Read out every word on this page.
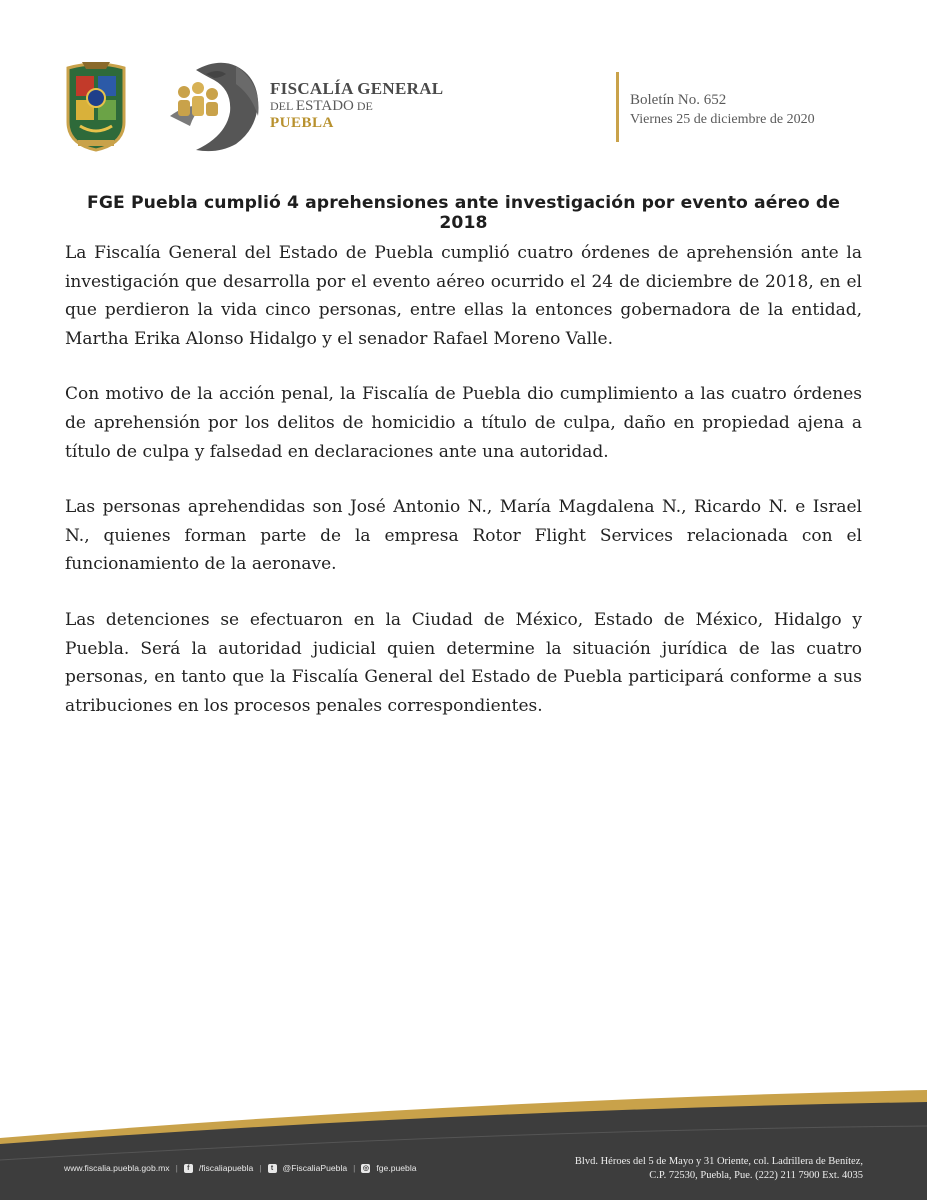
FISCALÍA GENERAL
DEL ESTADO DE
PUEBLA
Boletín No. 652
Viernes 25 de diciembre de 2020
FGE Puebla cumplió 4 aprehensiones ante investigación por evento aéreo de 2018

La Fiscalía General del Estado de Puebla cumplió cuatro órdenes de aprehensión ante la investigación que desarrolla por el evento aéreo ocurrido el 24 de diciembre de 2018, en el que perdieron la vida cinco personas, entre ellas la entonces gobernadora de la entidad, Martha Erika Alonso Hidalgo y el senador Rafael Moreno Valle.

Con motivo de la acción penal, la Fiscalía de Puebla dio cumplimiento a las cuatro órdenes de aprehensión por los delitos de homicidio a título de culpa, daño en propiedad ajena a título de culpa y falsedad en declaraciones ante una autoridad.

Las personas aprehendidas son José Antonio N., María Magdalena N., Ricardo N. e Israel N., quienes forman parte de la empresa Rotor Flight Services relacionada con el funcionamiento de la aeronave.

Las detenciones se efectuaron en la Ciudad de México, Estado de México, Hidalgo y Puebla. Será la autoridad judicial quien determine la situación jurídica de las cuatro personas, en tanto que la Fiscalía General del Estado de Puebla participará conforme a sus atribuciones en los procesos penales correspondientes.

www.fiscalia.puebla.gob.mx |	f	/fiscaliapuebla |	t	@FiscaliaPuebla | ◎ fge.puebla
Blvd. Héroes del 5 de Mayo y 31 Oriente, col. Ladrillera de Benítez,
C.P. 72530, Puebla, Pue. (222) 211 7900 Ext. 4035
